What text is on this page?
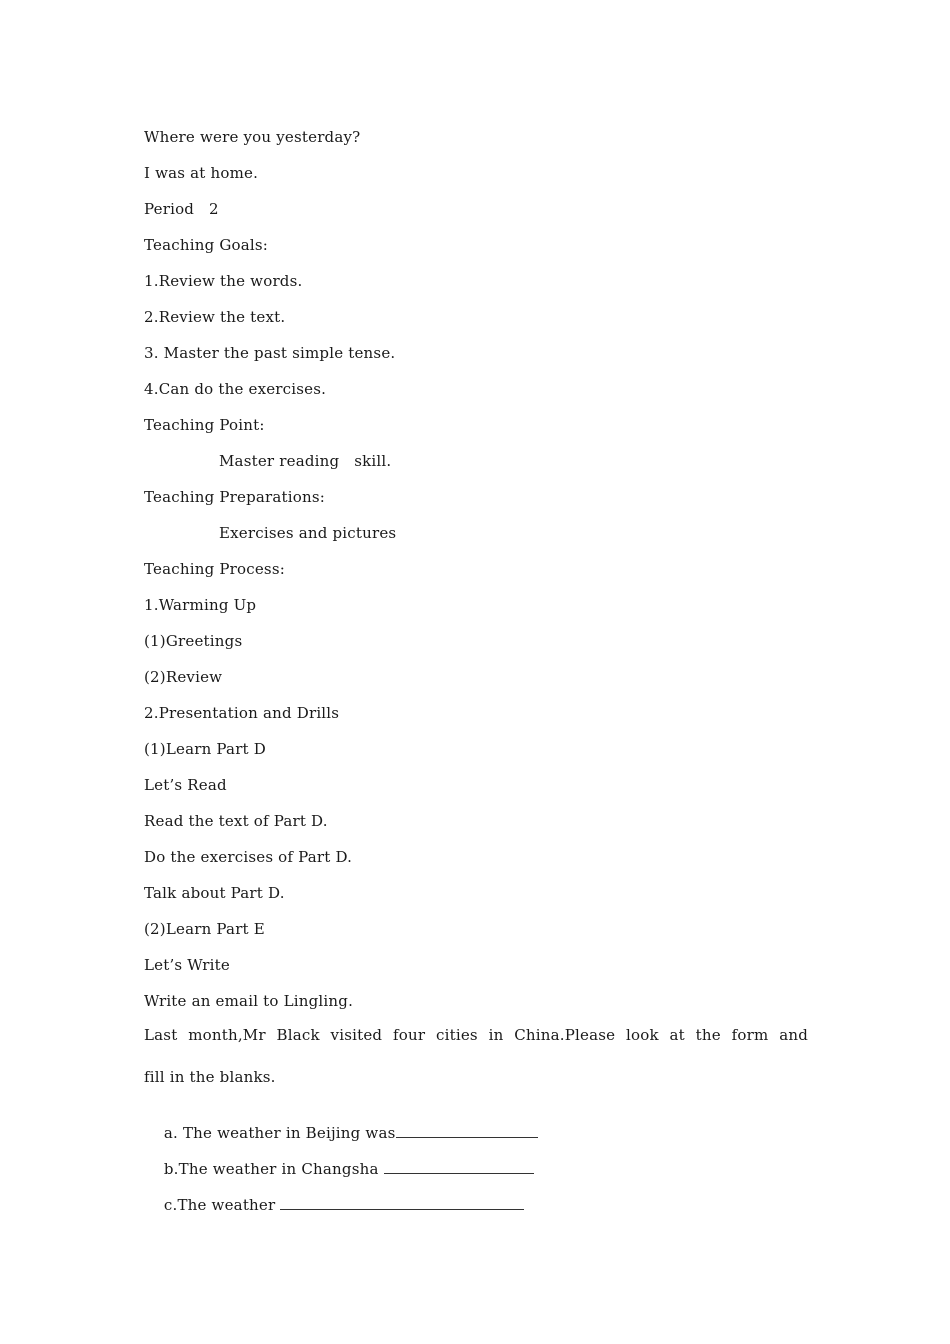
Where were you yesterday?
I was at home.
Period   2
Teaching Goals:
1.Review the words.
2.Review the text.
3. Master the past simple tense.
4.Can do the exercises.
Teaching Point:
Master reading   skill.
Teaching Preparations:
Exercises and pictures
Teaching Process:
1.Warming Up
(1)Greetings
(2)Review
2.Presentation and Drills
(1)Learn Part D
Let’s Read
Read the text of Part D.
Do the exercises of Part D.
Talk about Part D.
(2)Learn Part E
Let’s Write
Write an email to Lingling.
Last month,Mr Black visited four cities in China.Please look at the form and
fill in the blanks.

a. The weather in Beijing was

b.The weather in Changsha

c.The weather
